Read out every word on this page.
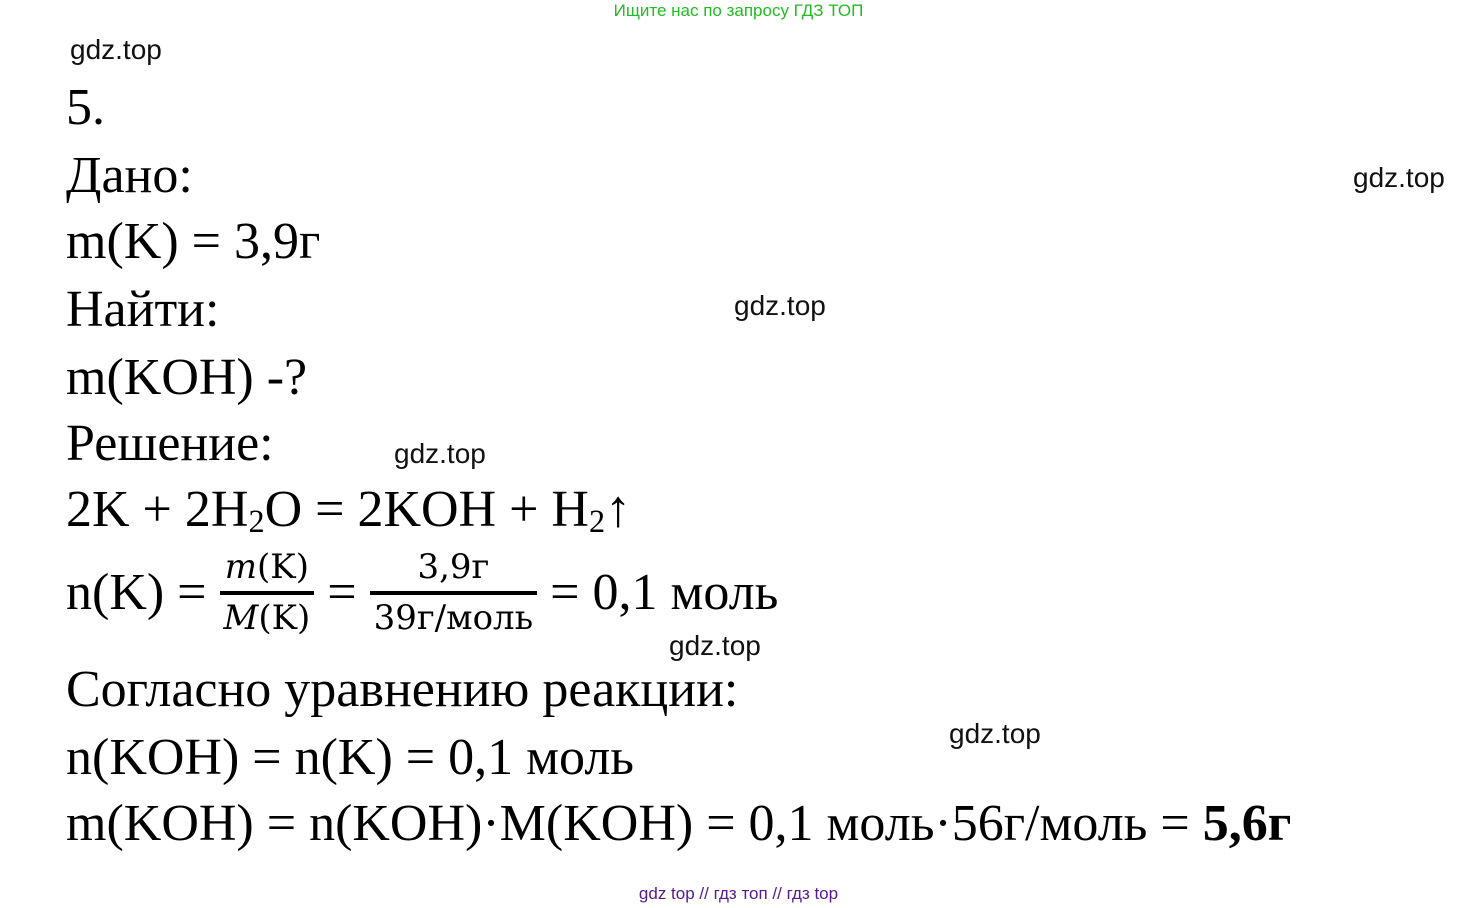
Ищите нас по запросу ГДЗ ТОП
gdz.top
gdz.top
gdz.top
gdz.top
gdz.top
gdz.top
5.
Дано:
m(K) = 3,9г
Найти:
m(KOH) -?
Решение:
$2K + 2H_2O = 2KOH$ + $H_2↑$
$n(K) = \frac{m(K)}{M(K)} = \frac{3,9г}{\text{39г/моль}} = 0,1$ моль
Согласно уравнению реакции:
n(KOH) = n(K) = 0,1 моль
m(KOH) = n(KOH)·M(KOH) = 0,1 моль·56г/моль = 5,6г
gdz top // гдз топ // гдз top
